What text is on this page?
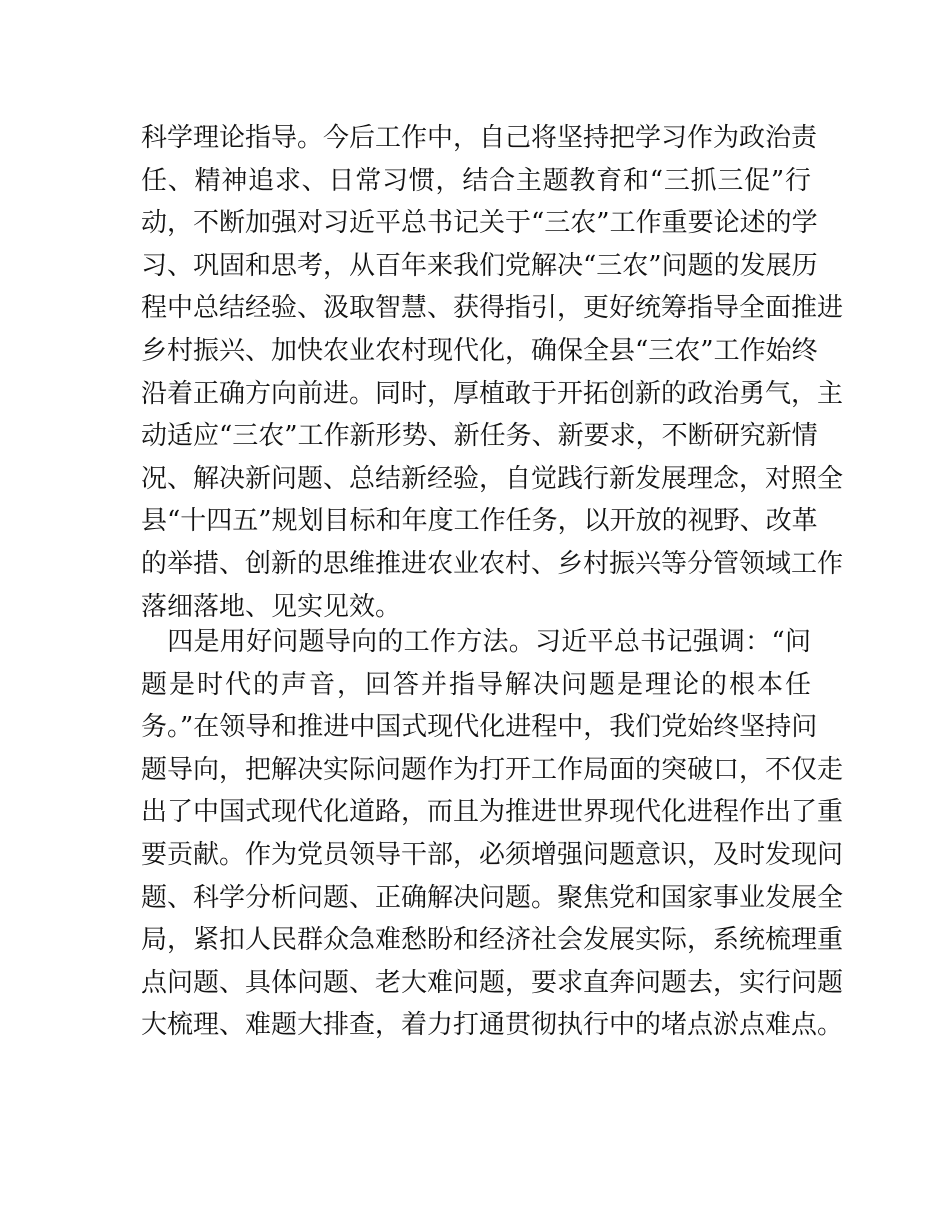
科学理论指导。今后工作中，自己将坚持把学习作为政治责
任、精神追求、日常习惯，结合主题教育和“三抓三促”行
动，不断加强对习近平总书记关于“三农”工作重要论述的学
习、巩固和思考，从百年来我们党解决“三农”问题的发展历
程中总结经验、汲取智慧、获得指引，更好统筹指导全面推进
乡村振兴、加快农业农村现代化，确保全县“三农”工作始终
沿着正确方向前进。同时，厚植敢于开拓创新的政治勇气，主
动适应“三农”工作新形势、新任务、新要求，不断研究新情
况、解决新问题、总结新经验，自觉践行新发展理念，对照全
县“十四五”规划目标和年度工作任务，以开放的视野、改革
的举措、创新的思维推进农业农村、乡村振兴等分管领域工作
落细落地、见实见效。
　四是用好问题导向的工作方法。习近平总书记强调：“问
题是时代的声音，回答并指导解决问题是理论的根本任
务。”在领导和推进中国式现代化进程中，我们党始终坚持问
题导向，把解决实际问题作为打开工作局面的突破口，不仅走
出了中国式现代化道路，而且为推进世界现代化进程作出了重
要贡献。作为党员领导干部，必须增强问题意识，及时发现问
题、科学分析问题、正确解决问题。聚焦党和国家事业发展全
局，紧扣人民群众急难愁盼和经济社会发展实际，系统梳理重
点问题、具体问题、老大难问题，要求直奔问题去，实行问题
大梳理、难题大排查，着力打通贯彻执行中的堵点淤点难点。
